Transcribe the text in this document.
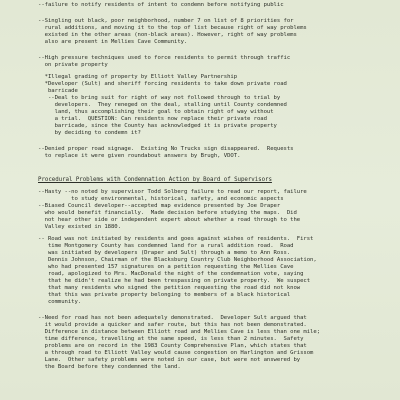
--failure to notify residents of intent to condemn before notifying public
--Singling out black, poor neighborhood, number 7 on list of 8 priorities for
rural additions, and moving it to the top of list because right of way problems
existed in the other areas (non-black areas). However, right of way problems
also are present in Mellies Cave Community.
--High pressure techniques used to force residents to permit through traffic
on private property
*Illegal grading of property by Elliott Valley Partnership
*Developer (Sult) and sheriff forcing residents to take down private road
barricade
--Deal to bring suit for right of way not followed through to trial by
developers.  They reneged on the deal, stalling until County condemned
land, thus accomplishing their goal to obtain right of way without
a trial.  QUESTION: Can residents now replace their private road
barricade, since the County has acknowledged it is private property
by deciding to condemn it?
--Denied proper road signage.  Existing No Trucks sign disappeared.  Requests
to replace it were given roundabout answers by Brugh, VDOT.
Procedural Problems with Condemnation Action by Board of Supervisors
--Hasty --no noted by supervisor Todd Solberg failure to read our report, failure
to study environmental, historical, safety, and economic aspects
--Biased Council developer--accepted map evidence presented by Joe Draper
who would benefit financially.  Made decision before studying the maps.  Did
not hear other side or independent expert about whether a road through to the
Valley existed in 1880.
-- Road was not initiated by residents and goes against wishes of residents.  First
time Montgomery County has condemned land for a rural addition road.  Road
was initiated by developers (Draper and Sult) through a memo to Ann Ross.
Dennis Johnson, Chairman of the Blacksburg Country Club Neighborhood Association,
who had presented 157 signatures on a petition requesting the Mellies Cave
road, apologized to Mrs. MacDonald the night of the condemnation vote, saying
that he didn't realize he had been trespassing on private property.  We suspect
that many residents who signed the petition requesting the road did not know
that this was private property belonging to members of a black historical
community.
--Need for road has not been adequately demonstrated.  Developer Sult argued that
it would provide a quicker and safer route, but this has not been demonstrated.
Difference in distance between Elliott road and Mellies Cave is less than one mile;
time difference, travelling at the same speed, is less than 2 minutes.  Safety
problems are on record in the 1983 County Comprehensive Plan, which states that
a through road to Elliott Valley would cause congestion on Harlington and Grissom
Lane.  Other safety problems were noted in our case, but were not answered by
the Board before they condemned the land.
